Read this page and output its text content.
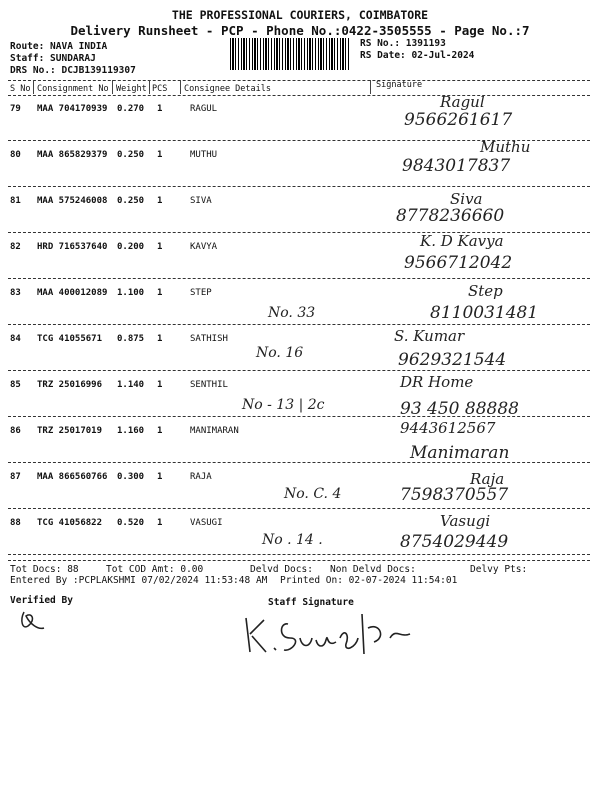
THE PROFESSIONAL COURIERS, COIMBATORE
Delivery Runsheet - PCP - Phone No.:0422-3505555 - Page No.:7
Route: NAVA INDIA
Staff: SUNDARAJ
DRS No.: DCJB139119307
RS No.: 1391193
RS Date: 02-Jul-2024
S No Consignment No Weight PCS Consignee Details	Signature
79 MAA 704170939 0.270 1	RAGUL	Ragul
9566261617
80 MAA 865829379 0.250 1	MUTHU	Muthu
9843017837
81 MAA 575246008 0.250 1	SIVA	Siva
8778236660
82 HRD 716537640 0.200 1	KAVYA	K. D Kavya
9566712042
83 MAA 400012089 1.100 1	STEP	Step
8110031481
No. 33
84 TCG 41055671 0.875 1	SATHISH	S. Kumar
9629321544
No. 16
85 TRZ 25016996 1.140 1	SENTHIL	DR Home
93 450 88888
No - 13 | 2c
86 TRZ 25017019 1.160 1	MANIMARAN	9443612567
Manimaran
87 MAA 866560766 0.300 1	RAJA	Raja
7598370557
No. C. 4
88 TCG 41056822 0.520 1	VASUGI	Vasugi
8754029449
No . 14 .
Tot Docs: 88	Tot COD Amt: 0.00	Delvd Docs: Non Delvd Docs:	Delvy Pts:
Entered By :PCPLAKSHMI 07/02/2024 11:53:48 AM Printed On: 02-07-2024 11:54:01
Verified By	Staff Signature
